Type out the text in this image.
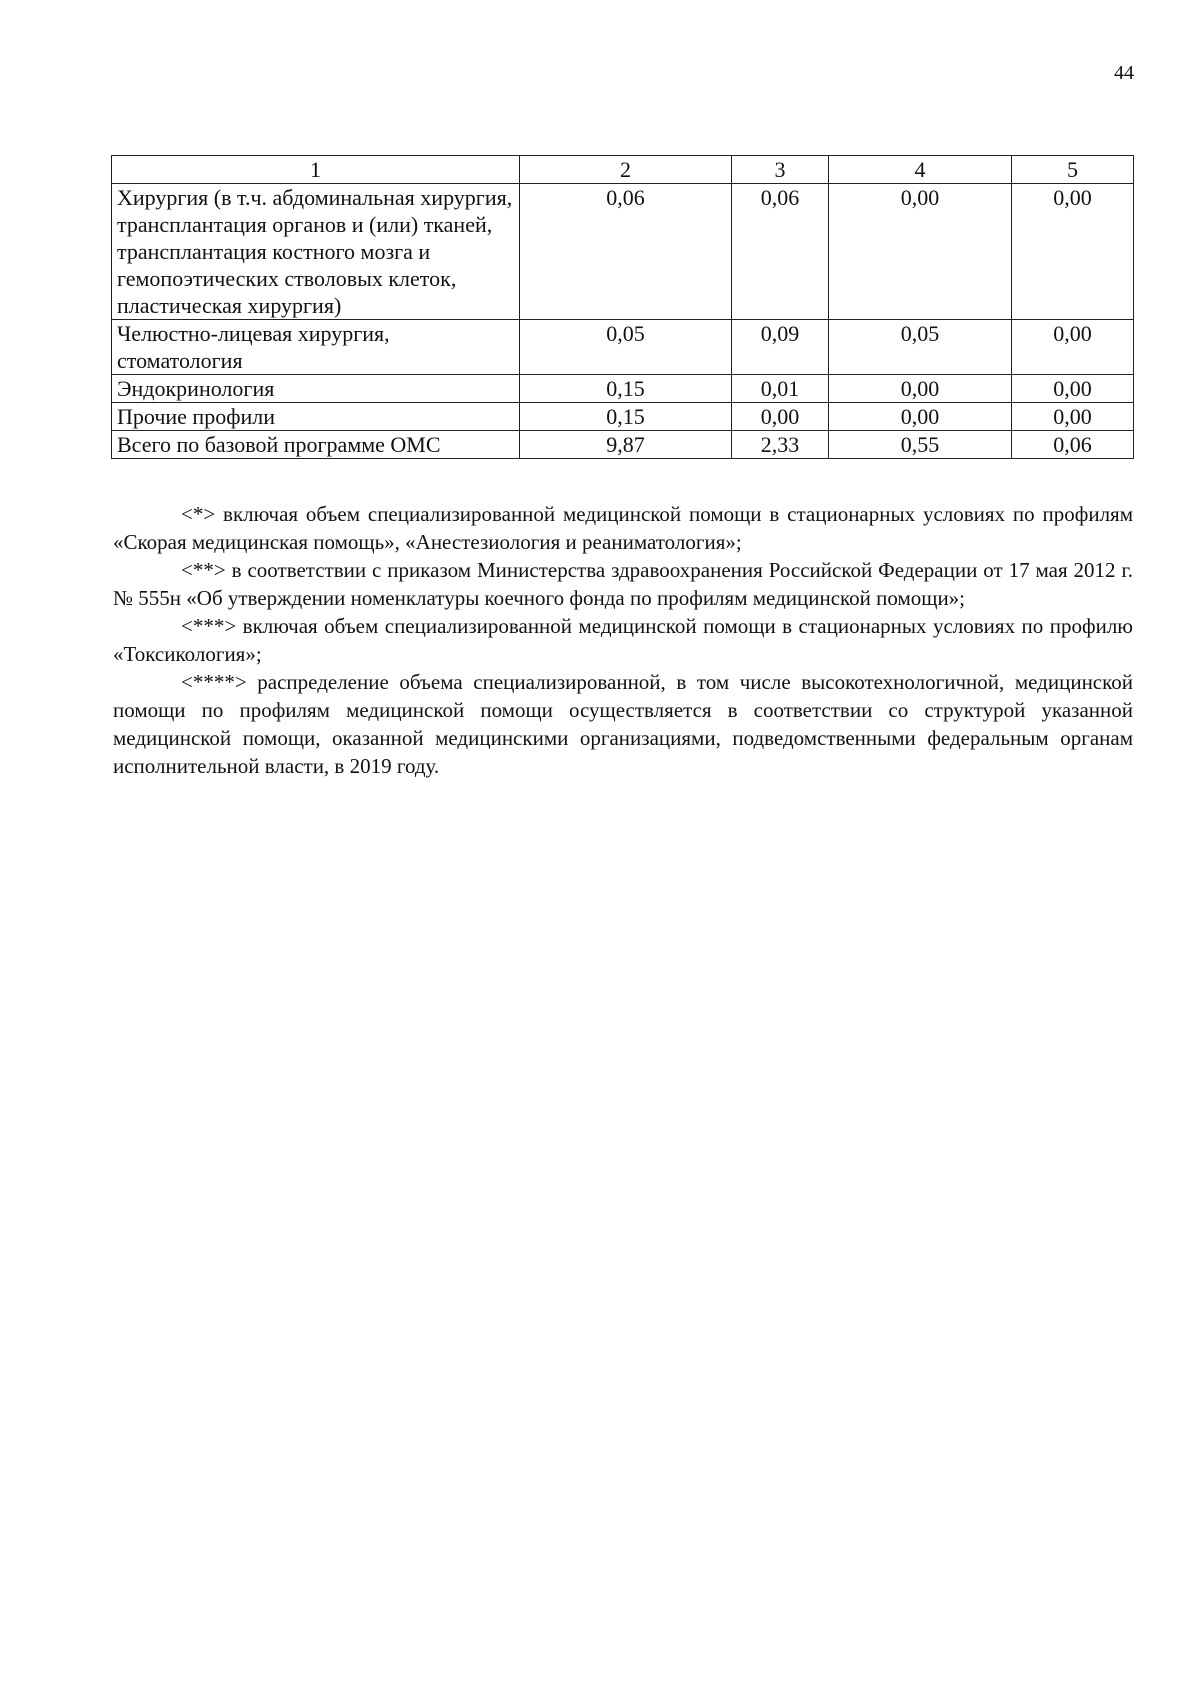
44
1	2	3	4	5
Хирургия (в т.ч. абдоминальная хирургия, трансплантация органов и (или) тканей, трансплантация костного мозга и гемопоэтических стволовых клеток, пластическая хирургия)	0,06	0,06	0,00	0,00
Челюстно-лицевая хирургия, стоматология	0,05	0,09	0,05	0,00
Эндокринология	0,15	0,01	0,00	0,00
Прочие профили	0,15	0,00	0,00	0,00
Всего по базовой программе ОМС	9,87	2,33	0,55	0,06

<*> включая объем специализированной медицинской помощи в стационарных условиях по профилям «Скорая медицинская помощь», «Анестезиология и реаниматология»;

<**> в соответствии с приказом Министерства здравоохранения Российской Федерации от 17 мая 2012 г. № 555н «Об утверждении номенклатуры коечного фонда по профилям медицинской помощи»;

<***> включая объем специализированной медицинской помощи в стационарных условиях по профилю «Токсикология»;

<****> распределение объема специализированной, в том числе высокотехнологичной, медицинской помощи по профилям медицинской помощи осуществляется в соответствии со структурой указанной медицинской помощи, оказанной медицинскими организациями, подведомственными федеральным органам исполнительной власти, в 2019 году.
